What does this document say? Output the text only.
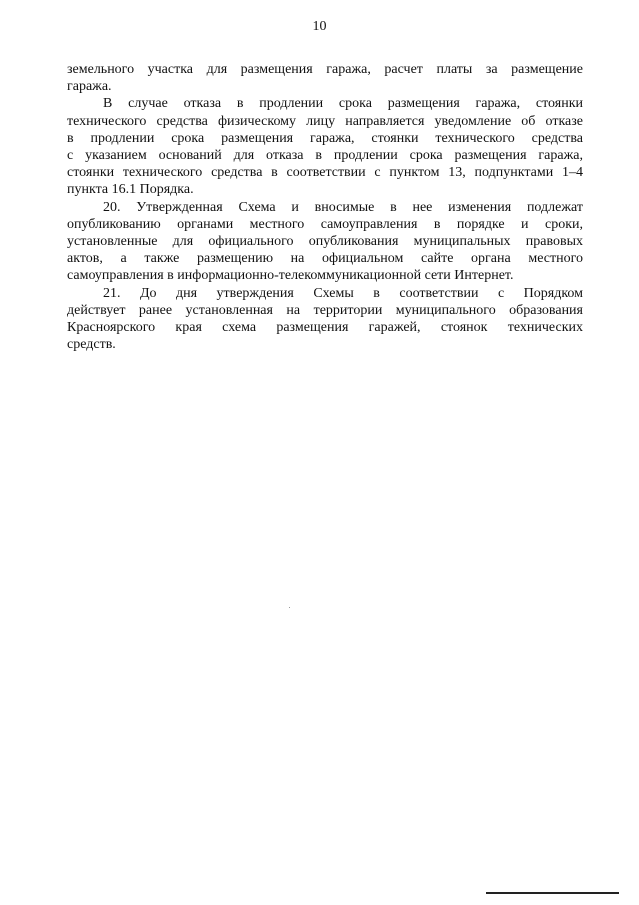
10
земельного участка для размещения гаража, расчет платы за размещение
гаража.
В случае отказа в продлении срока размещения гаража, стоянки
технического средства физическому лицу направляется уведомление об отказе
в продлении срока размещения гаража, стоянки технического средства
с указанием оснований для отказа в продлении срока размещения гаража,
стоянки технического средства в соответствии с пунктом 13, подпунктами 1–4
пункта 16.1 Порядка.
20. Утвержденная Схема и вносимые в нее изменения подлежат
опубликованию органами местного самоуправления в порядке и сроки,
установленные для официального опубликования муниципальных правовых
актов, а также размещению на официальном сайте органа местного
самоуправления в информационно-телекоммуникационной сети Интернет.
21. До дня утверждения Схемы в соответствии с Порядком
действует ранее установленная на территории муниципального образования
Красноярского края схема размещения гаражей, стоянок технических
средств.
